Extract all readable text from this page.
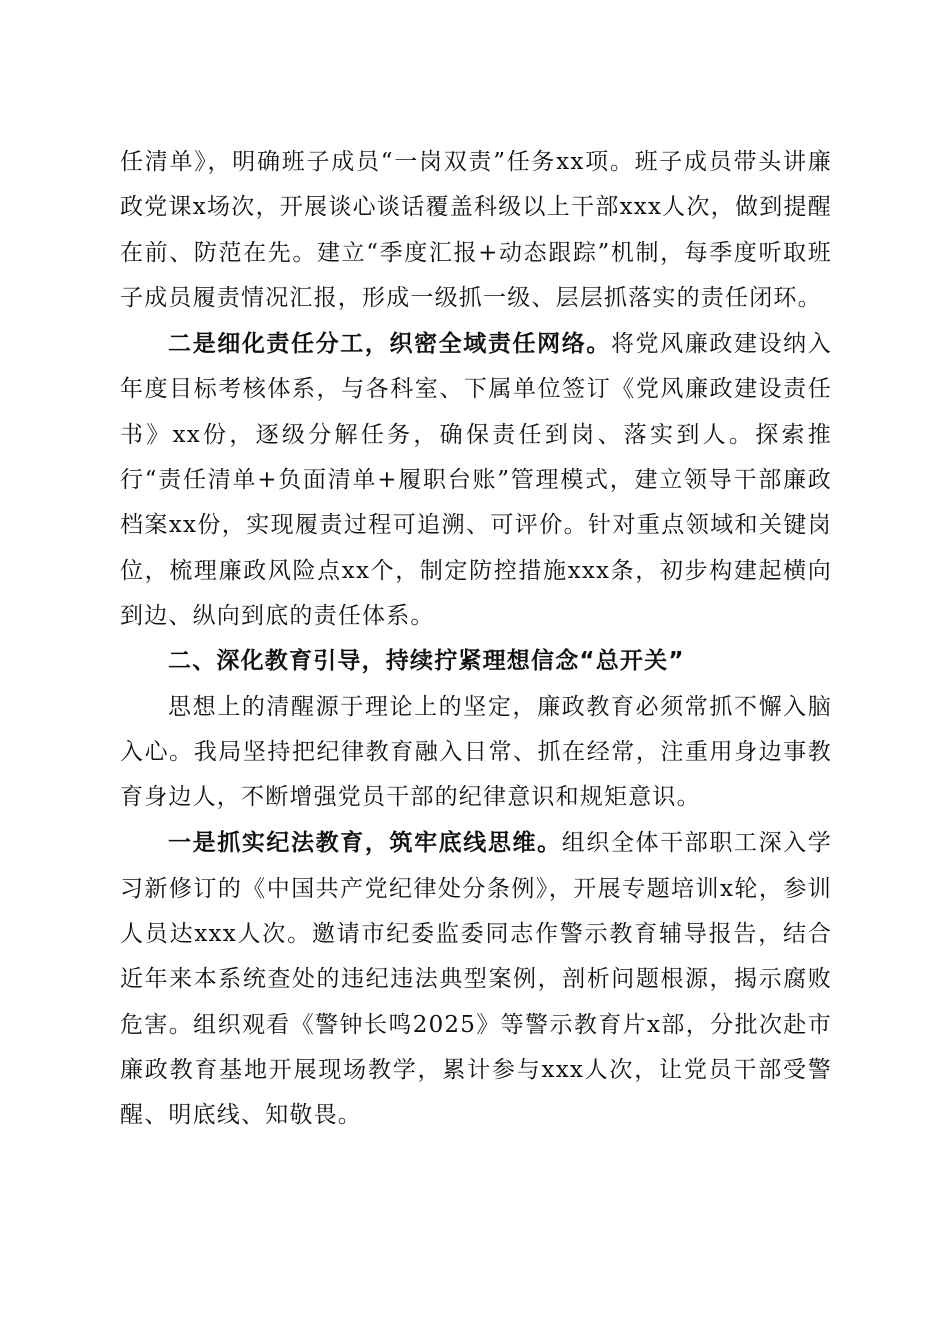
任清单》，明确班子成员“一岗双责”任务xx项。班子成员带头讲廉政党课x场次，开展谈心谈话覆盖科级以上干部xxx人次，做到提醒在前、防范在先。建立“季度汇报+动态跟踪”机制，每季度听取班子成员履责情况汇报，形成一级抓一级、层层抓落实的责任闭环。

二是细化责任分工，织密全域责任网络。将党风廉政建设纳入年度目标考核体系，与各科室、下属单位签订《党风廉政建设责任书》xx份，逐级分解任务，确保责任到岗、落实到人。探索推行“责任清单+负面清单+履职台账”管理模式，建立领导干部廉政档案xx份，实现履责过程可追溯、可评价。针对重点领域和关键岗位，梳理廉政风险点xx个，制定防控措施xxx条，初步构建起横向到边、纵向到底的责任体系。

二、深化教育引导，持续拧紧理想信念“总开关”

思想上的清醒源于理论上的坚定，廉政教育必须常抓不懈入脑入心。我局坚持把纪律教育融入日常、抓在经常，注重用身边事教育身边人，不断增强党员干部的纪律意识和规矩意识。

一是抓实纪法教育，筑牢底线思维。组织全体干部职工深入学习新修订的《中国共产党纪律处分条例》，开展专题培训x轮，参训人员达xxx人次。邀请市纪委监委同志作警示教育辅导报告，结合近年来本系统查处的违纪违法典型案例，剖析问题根源，揭示腐败危害。组织观看《警钟长鸣2025》等警示教育片x部，分批次赴市廉政教育基地开展现场教学，累计参与xxx人次，让党员干部受警醒、明底线、知敬畏。
